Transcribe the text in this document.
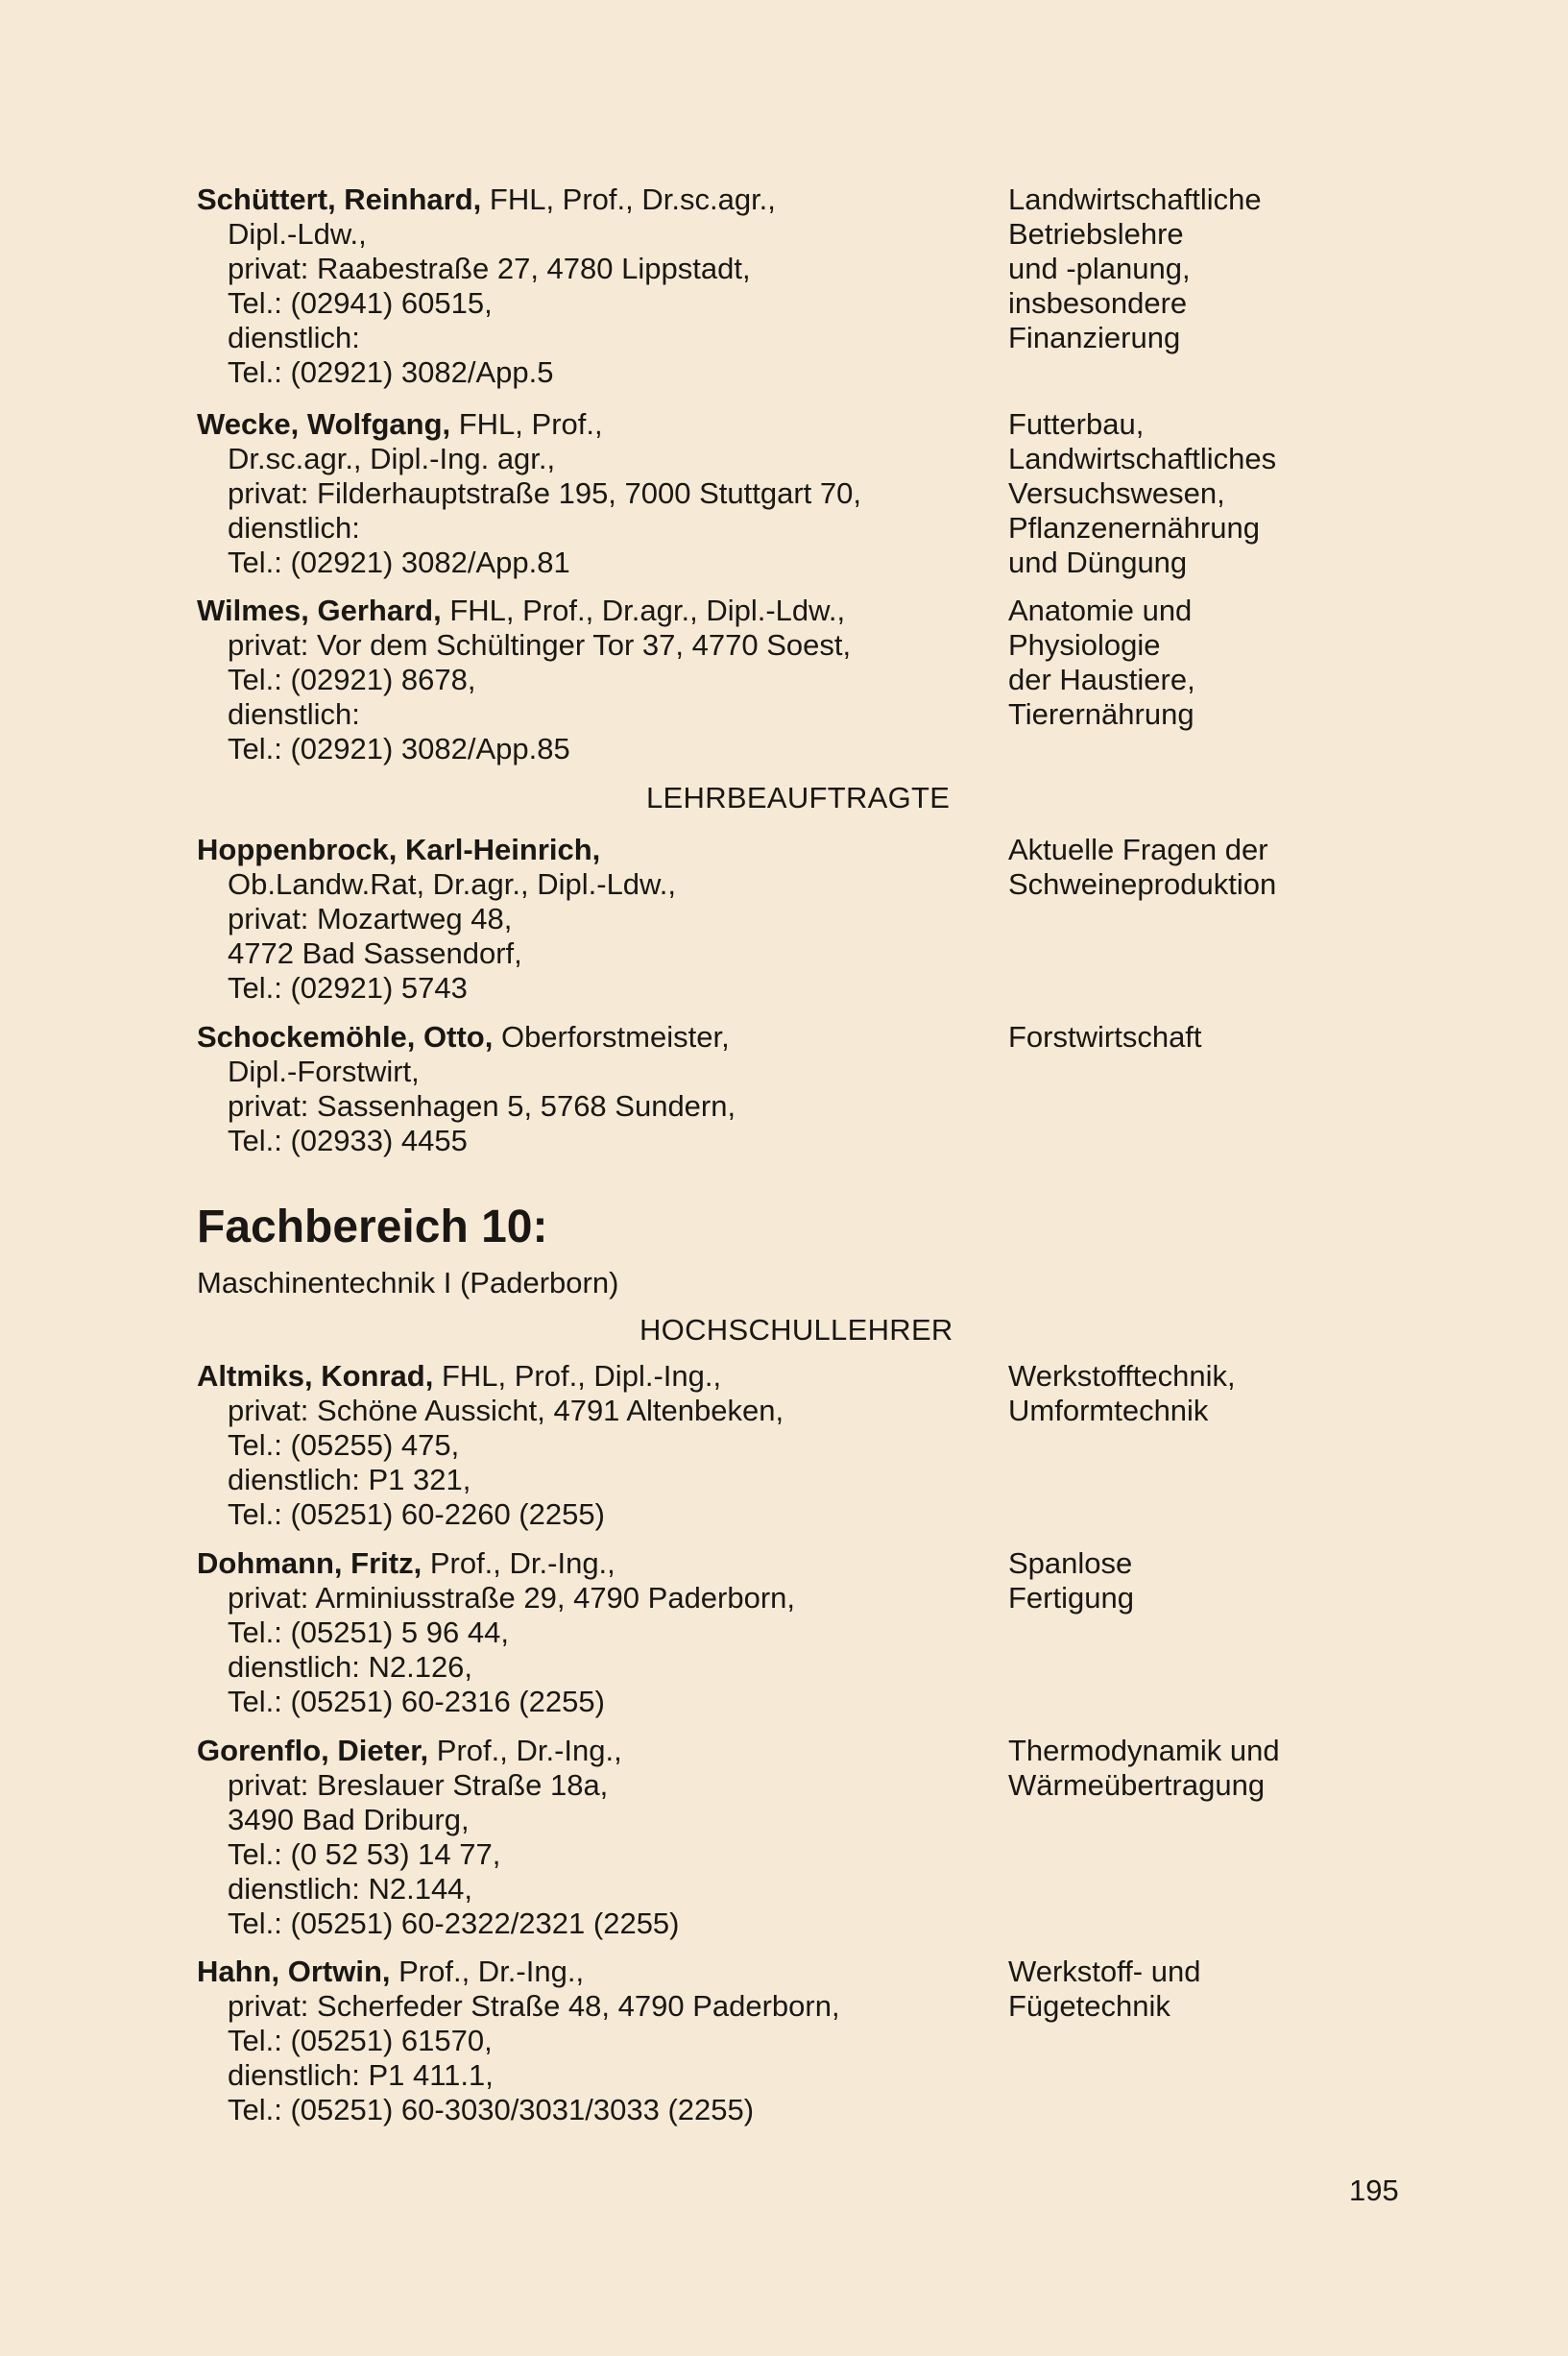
Schüttert, Reinhard, FHL, Prof., Dr.sc.agr.,
Dipl.-Ldw.,
privat: Raabestraße 27, 4780 Lippstadt,
Tel.: (02941) 60515,
dienstlich:
Tel.: (02921) 3082/App.5
Landwirtschaftliche
Betriebslehre
und -planung,
insbesondere
Finanzierung
Wecke, Wolfgang, FHL, Prof.,
Dr.sc.agr., Dipl.-Ing. agr.,
privat: Filderhauptstraße 195, 7000 Stuttgart 70,
dienstlich:
Tel.: (02921) 3082/App.81
Futterbau,
Landwirtschaftliches
Versuchswesen,
Pflanzenernährung
und Düngung
Wilmes, Gerhard, FHL, Prof., Dr.agr., Dipl.-Ldw.,
privat: Vor dem Schültinger Tor 37, 4770 Soest,
Tel.: (02921) 8678,
dienstlich:
Tel.: (02921) 3082/App.85
Anatomie und
Physiologie
der Haustiere,
Tierernährung
LEHRBEAUFTRAGTE
Hoppenbrock, Karl-Heinrich,
Ob.Landw.Rat, Dr.agr., Dipl.-Ldw.,
privat: Mozartweg 48,
4772 Bad Sassendorf,
Tel.: (02921) 5743
Aktuelle Fragen der
Schweineproduktion
Schockemöhle, Otto, Oberforstmeister,
Dipl.-Forstwirt,
privat: Sassenhagen 5, 5768 Sundern,
Tel.: (02933) 4455
Forstwirtschaft
Fachbereich 10:
Maschinentechnik I (Paderborn)
HOCHSCHULLEHRER
Altmiks, Konrad, FHL, Prof., Dipl.-Ing.,
privat: Schöne Aussicht, 4791 Altenbeken,
Tel.: (05255) 475,
dienstlich: P1 321,
Tel.: (05251) 60-2260 (2255)
Werkstofftechnik,
Umformtechnik
Dohmann, Fritz, Prof., Dr.-Ing.,
privat: Arminiusstraße 29, 4790 Paderborn,
Tel.: (05251) 5 96 44,
dienstlich: N2.126,
Tel.: (05251) 60-2316 (2255)
Spanlose
Fertigung
Gorenflo, Dieter, Prof., Dr.-Ing.,
privat: Breslauer Straße 18a,
3490 Bad Driburg,
Tel.: (0 52 53) 14 77,
dienstlich: N2.144,
Tel.: (05251) 60-2322/2321 (2255)
Thermodynamik und
Wärmeübertragung
Hahn, Ortwin, Prof., Dr.-Ing.,
privat: Scherfeder Straße 48, 4790 Paderborn,
Tel.: (05251) 61570,
dienstlich: P1 411.1,
Tel.: (05251) 60-3030/3031/3033 (2255)
Werkstoff- und
Fügetechnik
195
